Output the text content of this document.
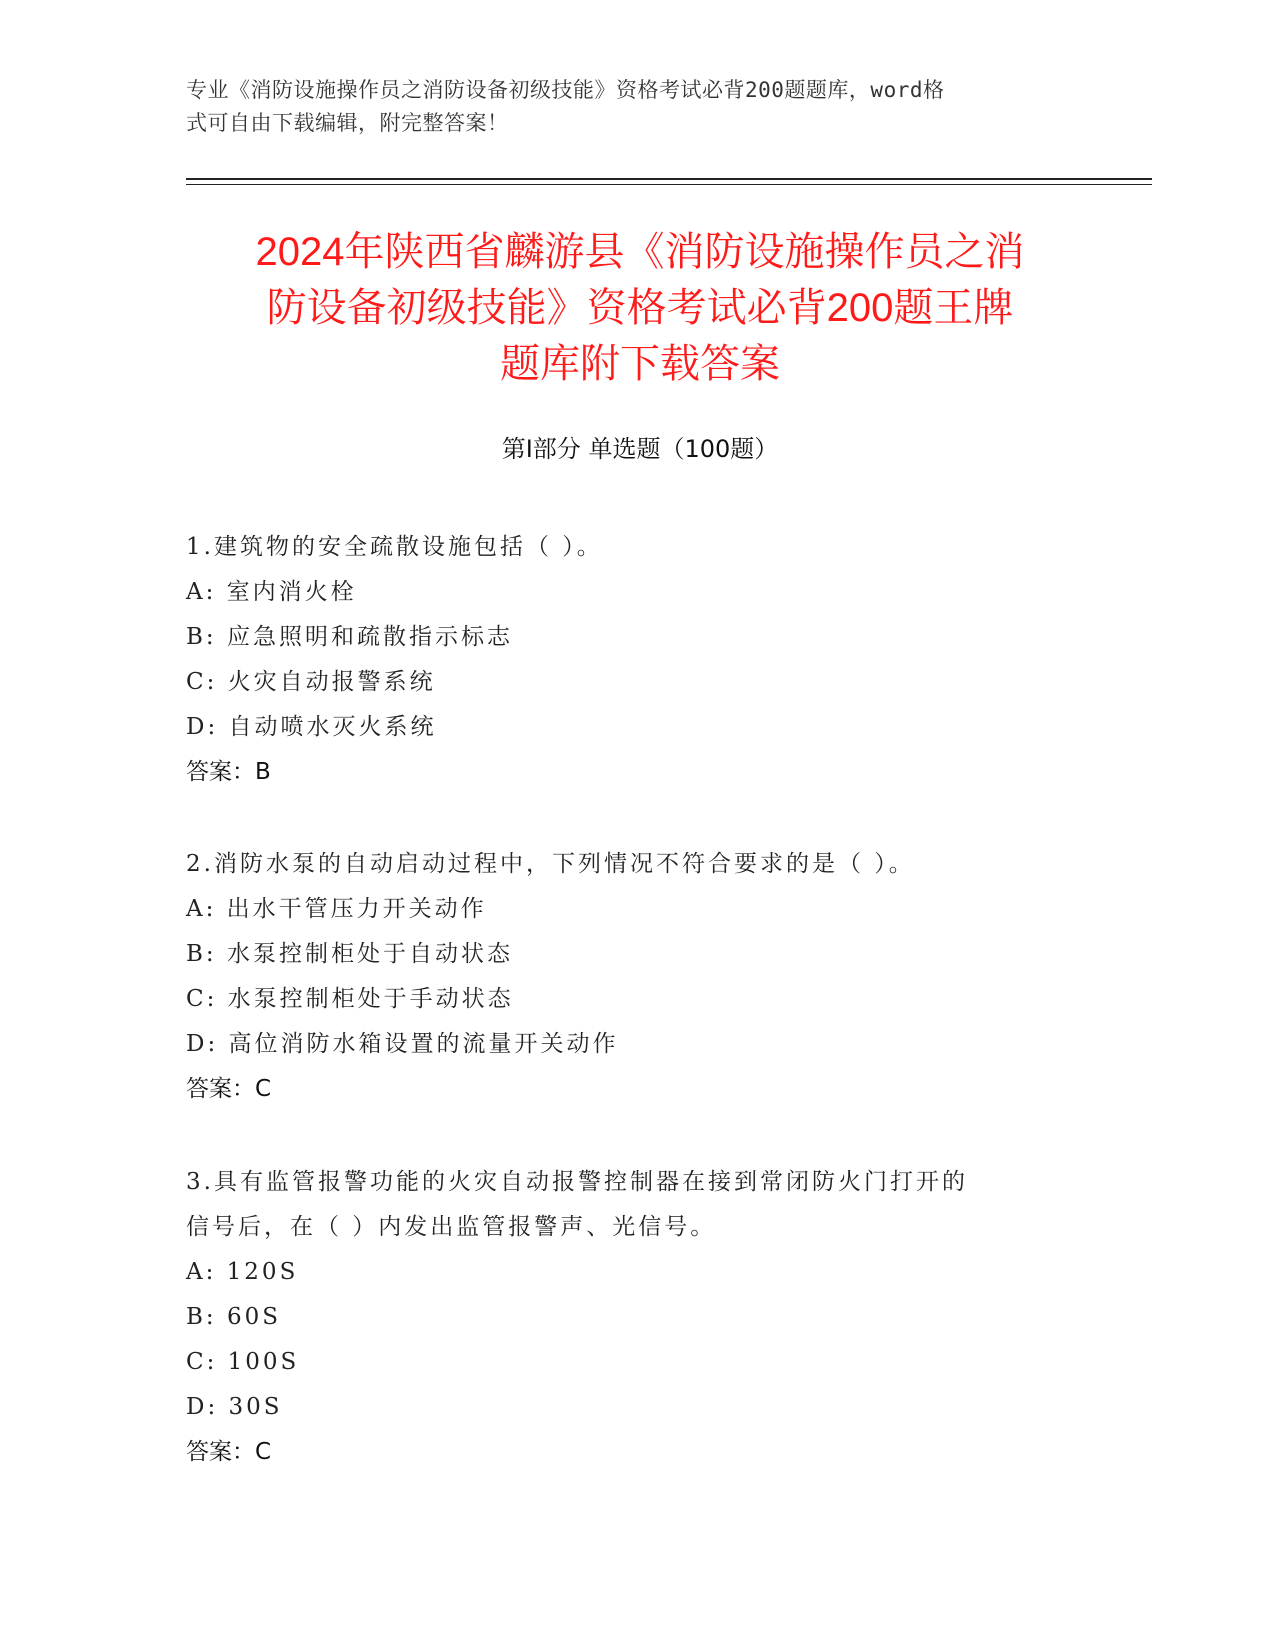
专业《消防设施操作员之消防设备初级技能》资格考试必背200题题库，word格
式可自由下载编辑，附完整答案！
2024年陕西省麟游县《消防设施操作员之消
防设备初级技能》资格考试必背200题王牌
题库附下载答案
第I部分 单选题（100题）

1.建筑物的安全疏散设施包括（ ）。

A: 室内消火栓

B: 应急照明和疏散指示标志

C: 火灾自动报警系统

D: 自动喷水灭火系统

答案：B

2.消防水泵的自动启动过程中，下列情况不符合要求的是（ ）。

A: 出水干管压力开关动作

B: 水泵控制柜处于自动状态

C: 水泵控制柜处于手动状态

D: 高位消防水箱设置的流量开关动作

答案：C

3.具有监管报警功能的火灾自动报警控制器在接到常闭防火门打开的

信号后，在（ ）内发出监管报警声、光信号。

A: 120S

B: 60S

C: 100S

D: 30S

答案：C
